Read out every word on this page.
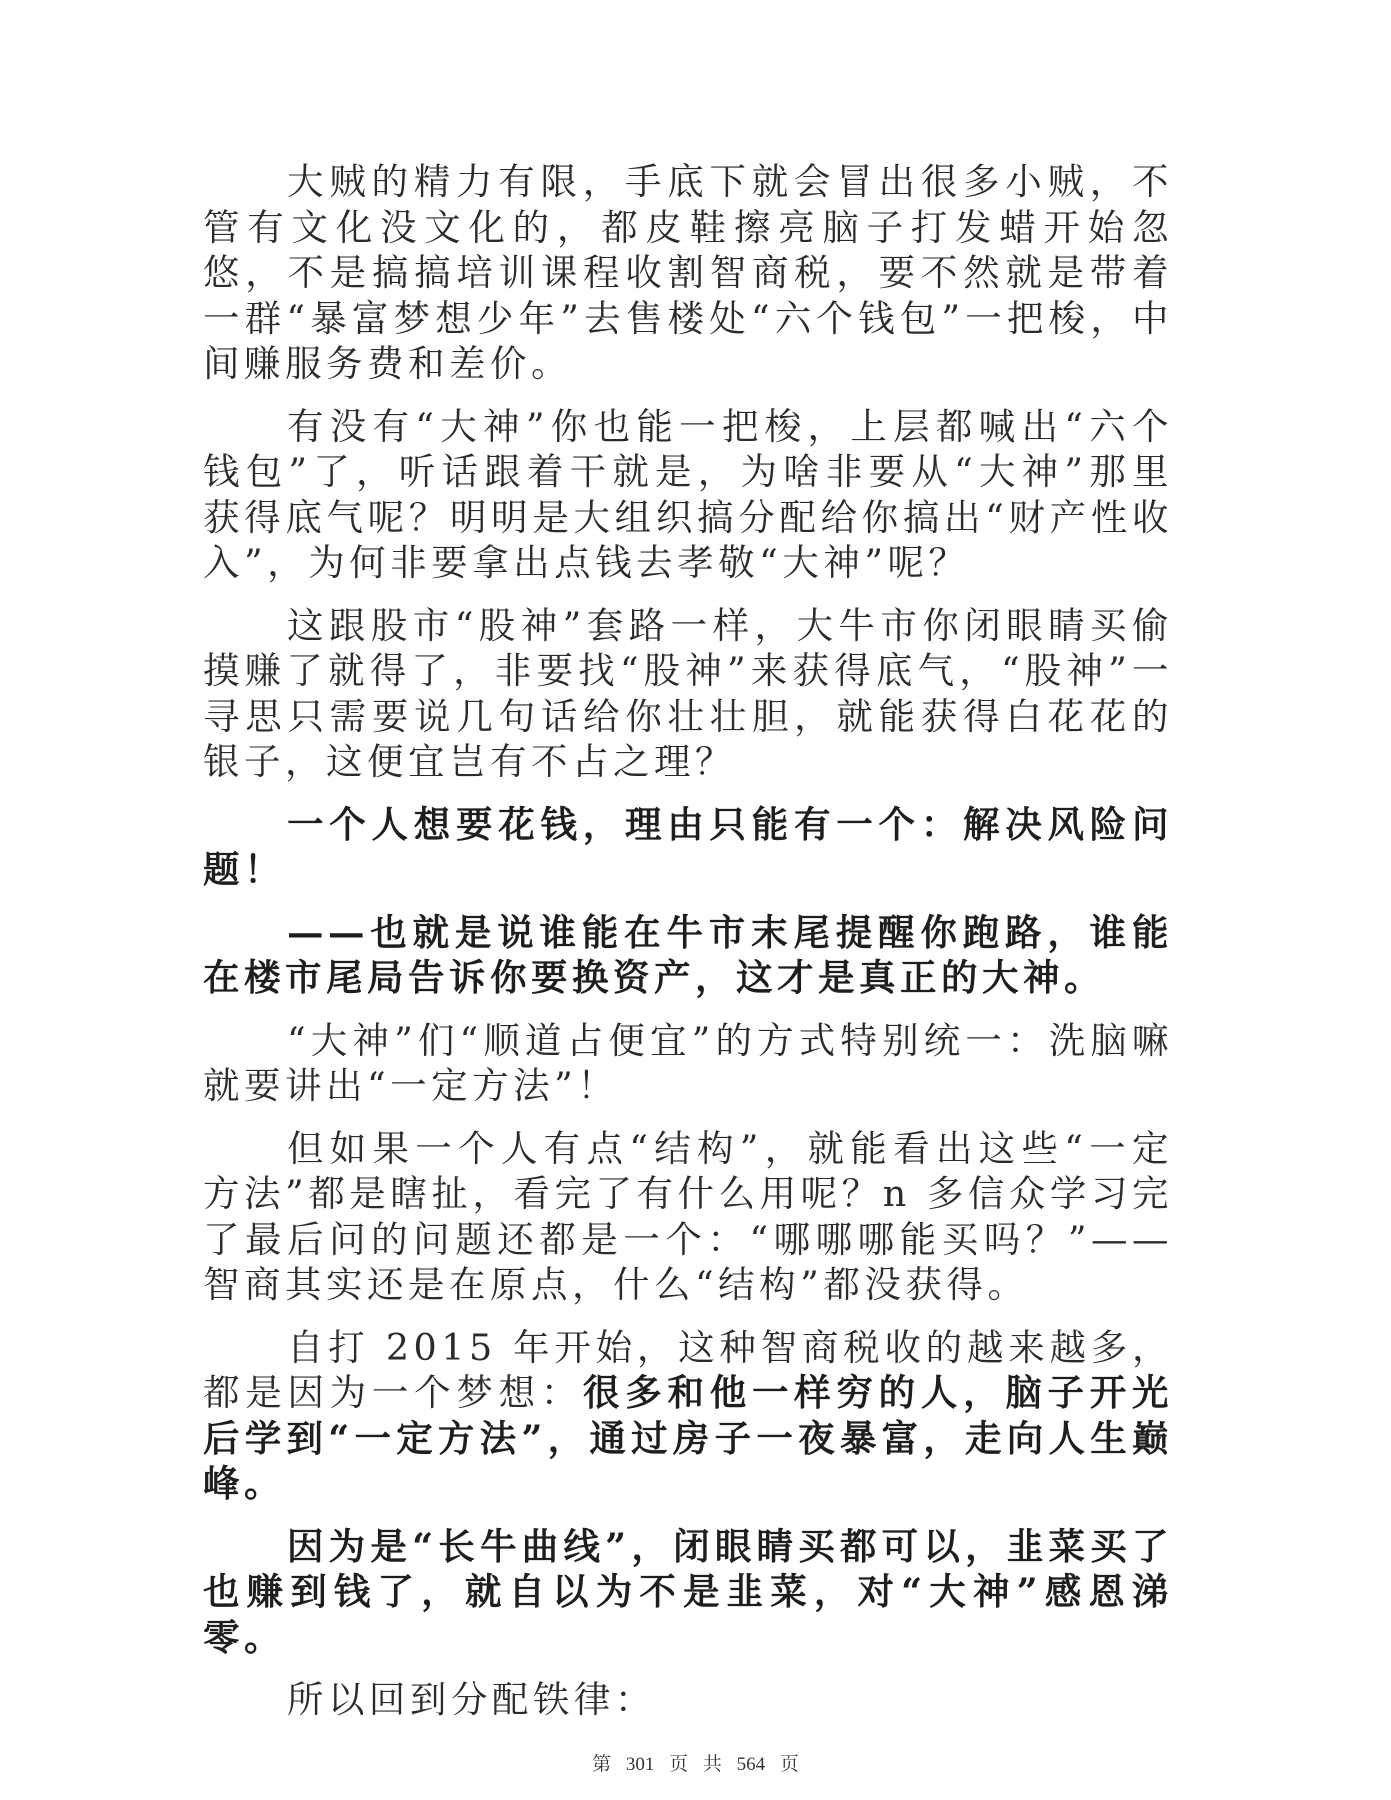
大贼的精力有限，手底下就会冒出很多小贼，不管有文化没文化的，都皮鞋擦亮脑子打发蜡开始忽悠，不是搞搞培训课程收割智商税，要不然就是带着一群“暴富梦想少年”去售楼处“六个钱包”一把梭，中间赚服务费和差价。

有没有“大神”你也能一把梭，上层都喊出“六个钱包”了，听话跟着干就是，为啥非要从“大神”那里获得底气呢？明明是大组织搞分配给你搞出“财产性收入”，为何非要拿出点钱去孝敬“大神”呢？

这跟股市“股神”套路一样，大牛市你闭眼睛买偷摸赚了就得了，非要找“股神”来获得底气，“股神”一寻思只需要说几句话给你壮壮胆，就能获得白花花的银子，这便宜岂有不占之理？

一个人想要花钱，理由只能有一个：解决风险问题！

——也就是说谁能在牛市末尾提醒你跑路，谁能在楼市尾局告诉你要换资产，这才是真正的大神。

“大神”们“顺道占便宜”的方式特别统一：洗脑嘛就要讲出“一定方法”！

但如果一个人有点“结构”，就能看出这些“一定方法”都是瞎扯，看完了有什么用呢？n 多信众学习完了最后问的问题还都是一个：“哪哪哪能买吗？”——智商其实还是在原点，什么“结构”都没获得。

自打 2015 年开始，这种智商税收的越来越多，都是因为一个梦想：很多和他一样穷的人，脑子开光后学到“一定方法”，通过房子一夜暴富，走向人生巅峰。

因为是“长牛曲线”，闭眼睛买都可以，韭菜买了也赚到钱了，就自以为不是韭菜，对“大神”感恩涕零。

所以回到分配铁律：

第 301 页 共 564 页
